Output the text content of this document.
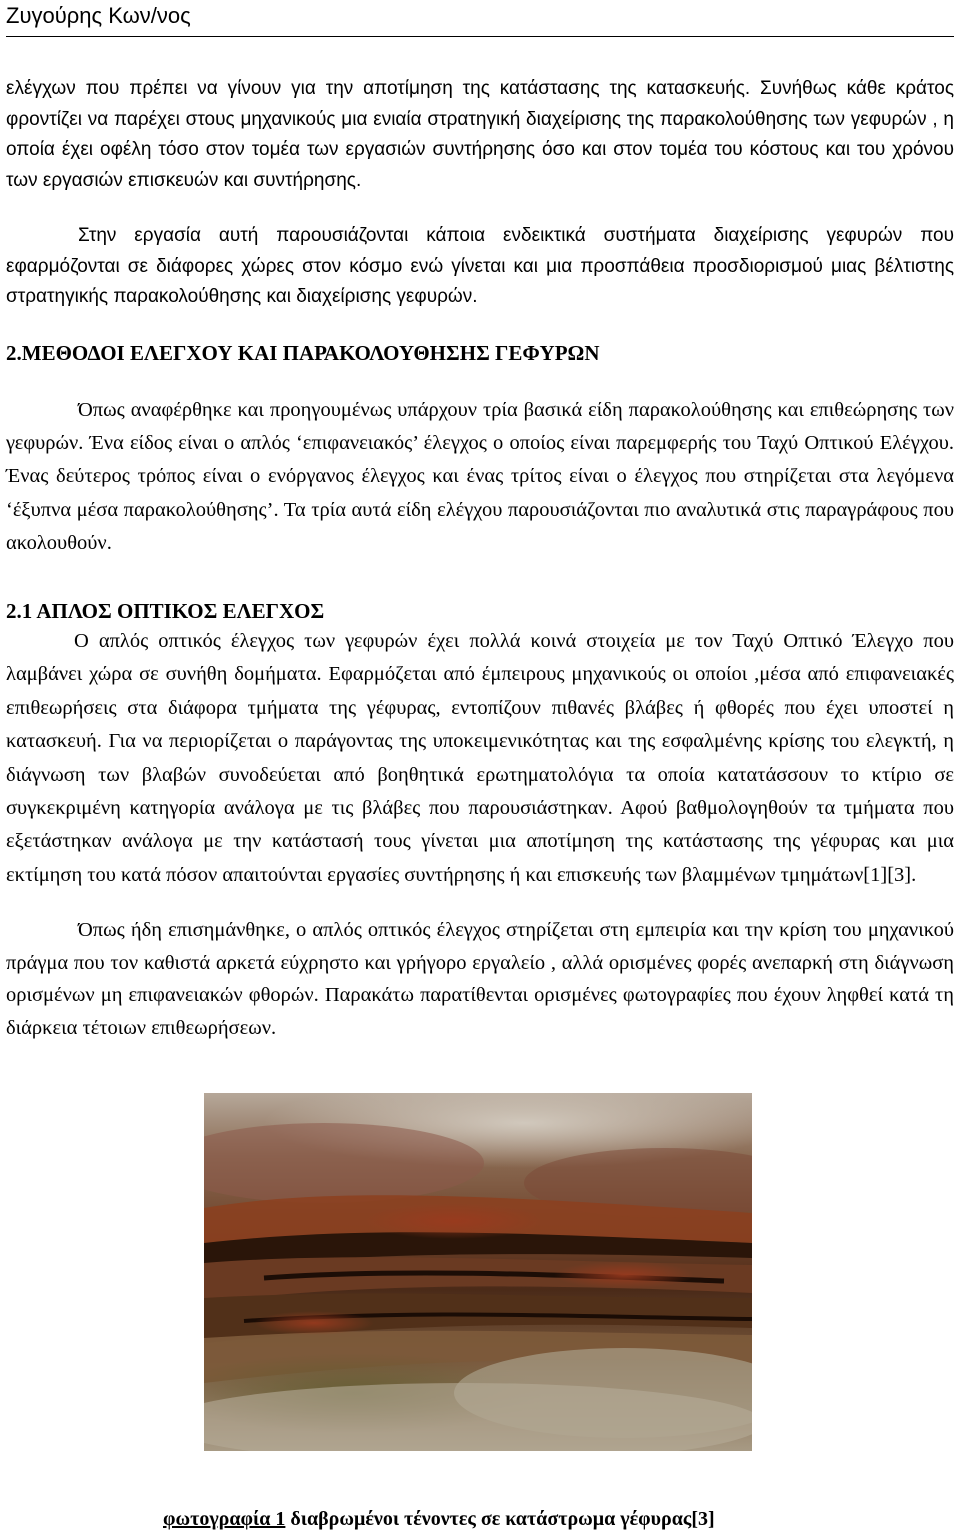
Ζυγούρης Κων/νος

ελέγχων που πρέπει να γίνουν για την αποτίμηση της κατάστασης της κατασκευής. Συνήθως κάθε κράτος φροντίζει να παρέχει στους μηχανικούς μια ενιαία στρατηγική διαχείρισης της παρακολούθησης των γεφυρών , η οποία έχει οφέλη τόσο στον τομέα των εργασιών συντήρησης όσο και στον τομέα του κόστους και του χρόνου των εργασιών επισκευών και συντήρησης.

Στην εργασία αυτή παρουσιάζονται κάποια ενδεικτικά συστήματα διαχείρισης γεφυρών που εφαρμόζονται σε διάφορες χώρες στον κόσμο ενώ γίνεται και μια προσπάθεια προσδιορισμού μιας βέλτιστης στρατηγικής παρακολούθησης και διαχείρισης γεφυρών.

2.ΜΕΘΟΔΟΙ ΕΛΕΓΧΟΥ ΚΑΙ ΠΑΡΑΚΟΛΟΥΘΗΣΗΣ ΓΕΦΥΡΩΝ

Όπως αναφέρθηκε και προηγουμένως υπάρχουν τρία βασικά είδη παρακολούθησης και επιθεώρησης των γεφυρών. Ένα είδος είναι ο απλός ‘επιφανειακός’ έλεγχος ο οποίος είναι παρεμφερής του Ταχύ Οπτικού Ελέγχου. Ένας δεύτερος τρόπος είναι ο ενόργανος έλεγχος και ένας τρίτος είναι ο έλεγχος που στηρίζεται στα λεγόμενα ‘έξυπνα μέσα παρακολούθησης’. Τα τρία αυτά είδη ελέγχου παρουσιάζονται πιο αναλυτικά στις παραγράφους που ακολουθούν.

2.1 ΑΠΛΟΣ ΟΠΤΙΚΟΣ ΕΛΕΓΧΟΣ

Ο απλός οπτικός έλεγχος των γεφυρών έχει πολλά κοινά στοιχεία με τον Ταχύ Οπτικό Έλεγχο που λαμβάνει χώρα σε συνήθη δομήματα. Εφαρμόζεται από έμπειρους μηχανικούς οι οποίοι ,μέσα από επιφανειακές επιθεωρήσεις στα διάφορα τμήματα της γέφυρας, εντοπίζουν πιθανές βλάβες ή φθορές που έχει υποστεί η κατασκευή. Για να περιορίζεται ο παράγοντας της υποκειμενικότητας και της εσφαλμένης κρίσης του ελεγκτή, η διάγνωση των βλαβών συνοδεύεται από βοηθητικά ερωτηματολόγια τα οποία κατατάσσουν το κτίριο σε συγκεκριμένη κατηγορία ανάλογα με τις βλάβες που παρουσιάστηκαν. Αφού βαθμολογηθούν τα τμήματα που εξετάστηκαν ανάλογα με την κατάστασή τους γίνεται μια αποτίμηση της κατάστασης της γέφυρας και μια εκτίμηση του κατά πόσον απαιτούνται εργασίες συντήρησης ή και επισκευής των βλαμμένων τμημάτων[1][3].

Όπως ήδη επισημάνθηκε, ο απλός οπτικός έλεγχος στηρίζεται στη εμπειρία και την κρίση του μηχανικού πράγμα που τον καθιστά αρκετά εύχρηστο και γρήγορο εργαλείο , αλλά ορισμένες φορές ανεπαρκή στη διάγνωση ορισμένων μη επιφανειακών φθορών. Παρακάτω παρατίθενται ορισμένες φωτογραφίες που έχουν ληφθεί κατά τη διάρκεια τέτοιων επιθεωρήσεων.

φωτογραφία 1 διαβρωμένοι τένοντες σε κατάστρωμα γέφυρας[3]
